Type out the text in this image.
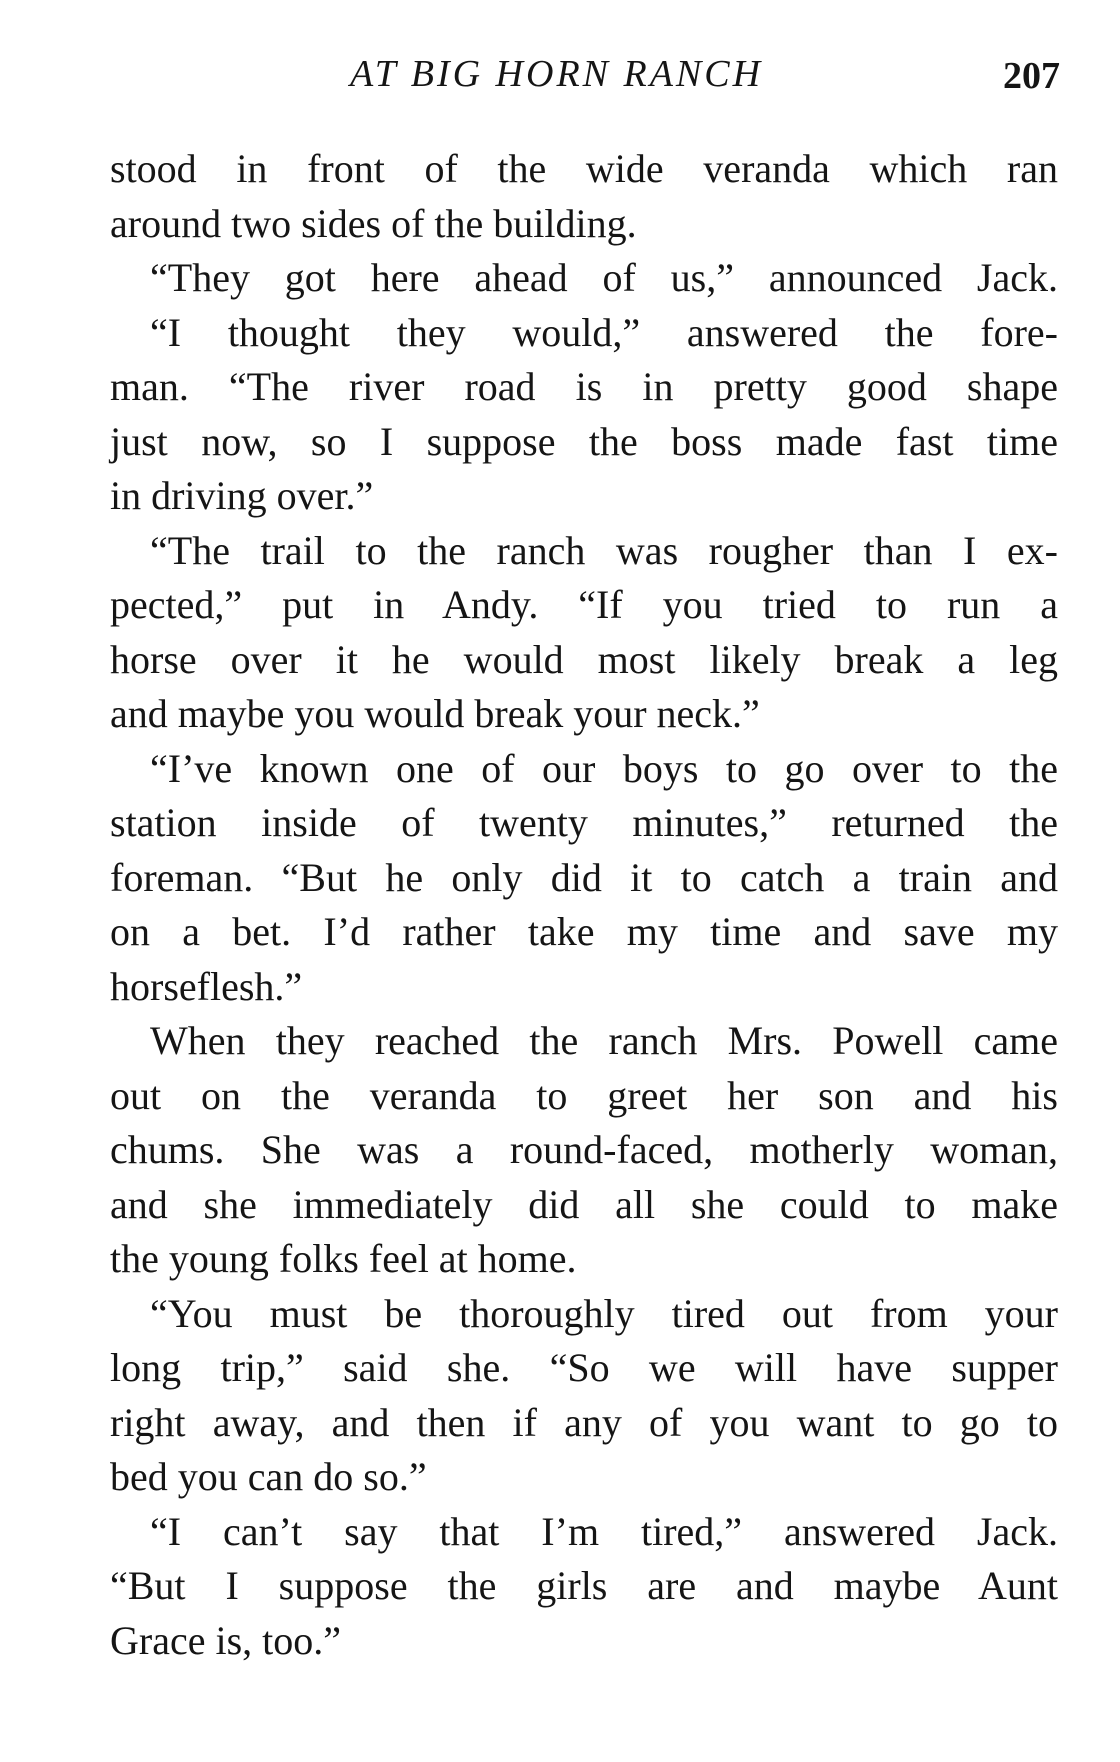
AT BIG HORN RANCH	207
stood in front of the wide veranda which ran
around two sides of the building.
“They got here ahead of us,” announced Jack.
“I thought they would,” answered the fore-
man. “The river road is in pretty good shape
just now, so I suppose the boss made fast time
in driving over.”
“The trail to the ranch was rougher than I ex-
pected,” put in Andy. “If you tried to run a
horse over it he would most likely break a leg
and maybe you would break your neck.”
“I’ve known one of our boys to go over to the
station inside of twenty minutes,” returned the
foreman. “But he only did it to catch a train and
on a bet. I’d rather take my time and save my
horseflesh.”
When they reached the ranch Mrs. Powell came
out on the veranda to greet her son and his
chums. She was a round-faced, motherly woman,
and she immediately did all she could to make
the young folks feel at home.
“You must be thoroughly tired out from your
long trip,” said she. “So we will have supper
right away, and then if any of you want to go to
bed you can do so.”
“I can’t say that I’m tired,” answered Jack.
“But I suppose the girls are and maybe Aunt
Grace is, too.”
